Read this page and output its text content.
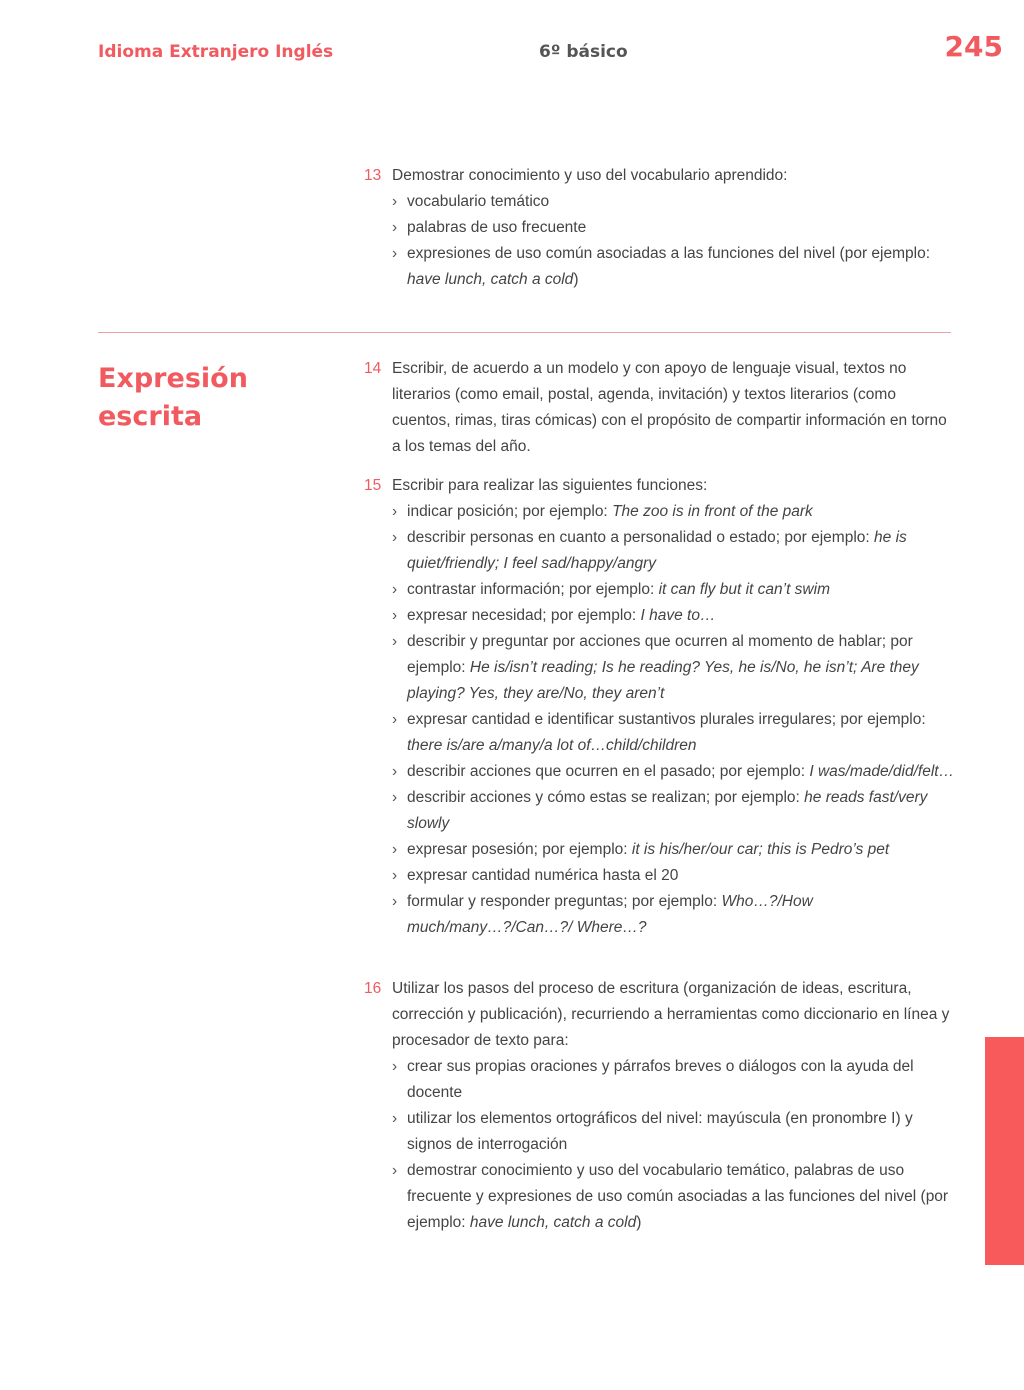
Idioma Extranjero Inglés	6º básico	245
Expresión
escrita
13 Demostrar conocimiento y uso del vocabulario aprendido:
› vocabulario temático
› palabras de uso frecuente
› expresiones de uso común asociadas a las funciones del nivel (por ejemplo: have lunch, catch a cold)
14 Escribir, de acuerdo a un modelo y con apoyo de lenguaje visual, textos no literarios (como email, postal, agenda, invitación) y textos literarios (como cuentos, rimas, tiras cómicas) con el propósito de compartir información en torno a los temas del año.
15 Escribir para realizar las siguientes funciones:
› indicar posición; por ejemplo: The zoo is in front of the park
› describir personas en cuanto a personalidad o estado; por ejemplo: he is quiet/friendly; I feel sad/happy/angry
› contrastar información; por ejemplo: it can fly but it can’t swim
› expresar necesidad; por ejemplo: I have to…
› describir y preguntar por acciones que ocurren al momento de hablar; por ejemplo: He is/isn’t reading; Is he reading? Yes, he is/No, he isn’t; Are they playing? Yes, they are/No, they aren’t
› expresar cantidad e identificar sustantivos plurales irregulares; por ejemplo: there is/are a/many/a lot of…child/children
› describir acciones que ocurren en el pasado; por ejemplo: I was/made/did/felt…
› describir acciones y cómo estas se realizan; por ejemplo: he reads fast/very slowly
› expresar posesión; por ejemplo: it is his/her/our car; this is Pedro’s pet
› expresar cantidad numérica hasta el 20
› formular y responder preguntas; por ejemplo: Who…?/How much/many…?/Can…?/ Where…?
16 Utilizar los pasos del proceso de escritura (organización de ideas, escritura, corrección y publicación), recurriendo a herramientas como diccionario en línea y procesador de texto para:
› crear sus propias oraciones y párrafos breves o diálogos con la ayuda del docente
› utilizar los elementos ortográficos del nivel: mayúscula (en pronombre I) y signos de interrogación
› demostrar conocimiento y uso del vocabulario temático, palabras de uso frecuente y expresiones de uso común asociadas a las funciones del nivel (por ejemplo: have lunch, catch a cold)
